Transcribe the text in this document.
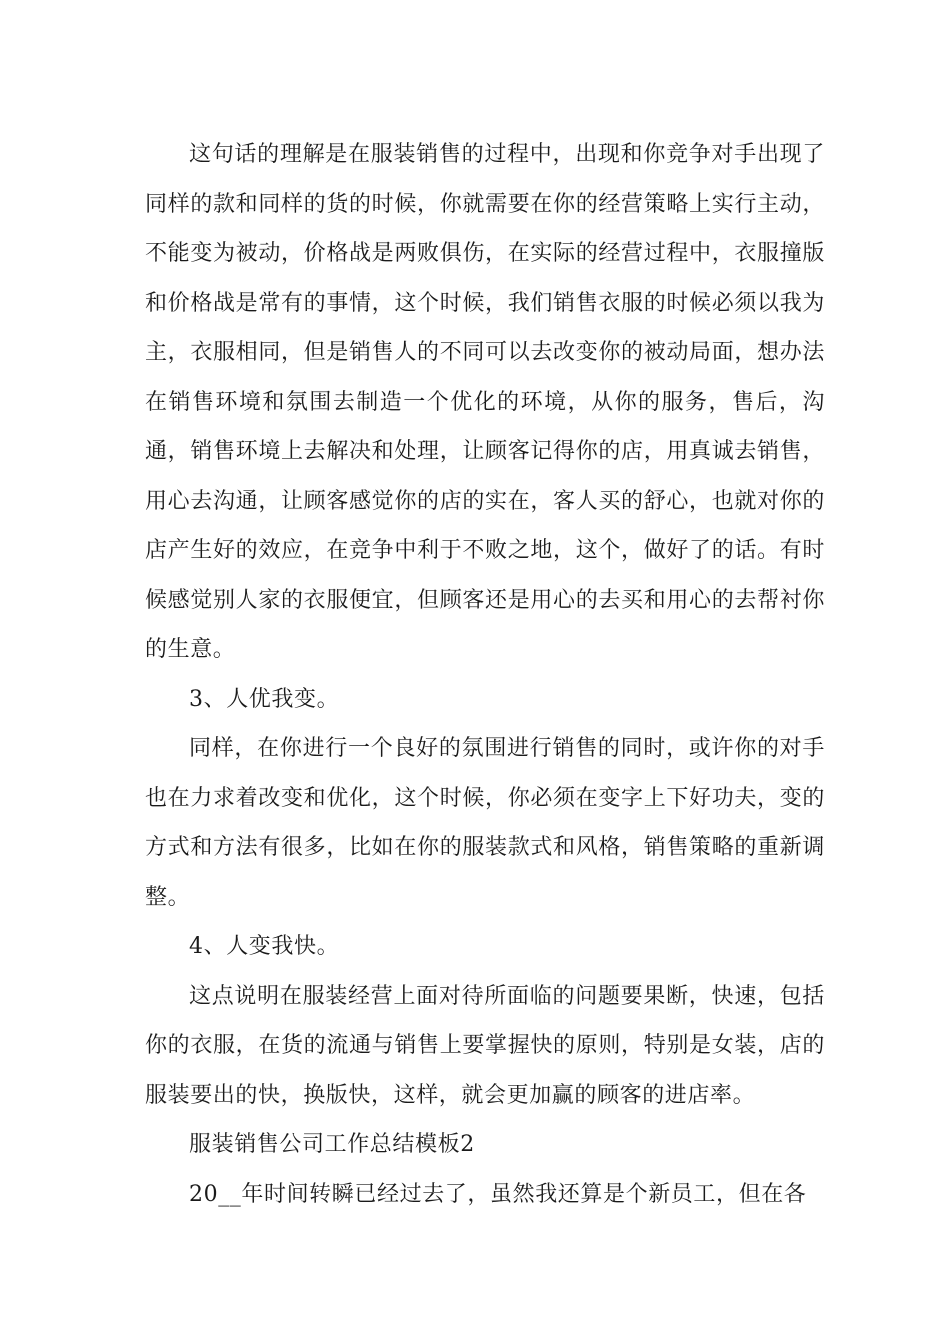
这句话的理解是在服装销售的过程中，出现和你竞争对手出现了同样的款和同样的货的时候，你就需要在你的经营策略上实行主动，不能变为被动，价格战是两败俱伤，在实际的经营过程中，衣服撞版和价格战是常有的事情，这个时候，我们销售衣服的时候必须以我为主，衣服相同，但是销售人的不同可以去改变你的被动局面，想办法在销售环境和氛围去制造一个优化的环境，从你的服务，售后，沟通，销售环境上去解决和处理，让顾客记得你的店，用真诚去销售，用心去沟通，让顾客感觉你的店的实在，客人买的舒心，也就对你的店产生好的效应，在竞争中利于不败之地，这个，做好了的话。有时候感觉别人家的衣服便宜，但顾客还是用心的去买和用心的去帮衬你的生意。

3、人优我变。

同样，在你进行一个良好的氛围进行销售的同时，或许你的对手也在力求着改变和优化，这个时候，你必须在变字上下好功夫，变的方式和方法有很多，比如在你的服装款式和风格，销售策略的重新调整。

4、人变我快。

这点说明在服装经营上面对待所面临的问题要果断，快速，包括你的衣服，在货的流通与销售上要掌握快的原则，特别是女装，店的服装要出的快，换版快，这样，就会更加赢的顾客的进店率。

服装销售公司工作总结模板2

20__年时间转瞬已经过去了，虽然我还算是个新员工，但在各
